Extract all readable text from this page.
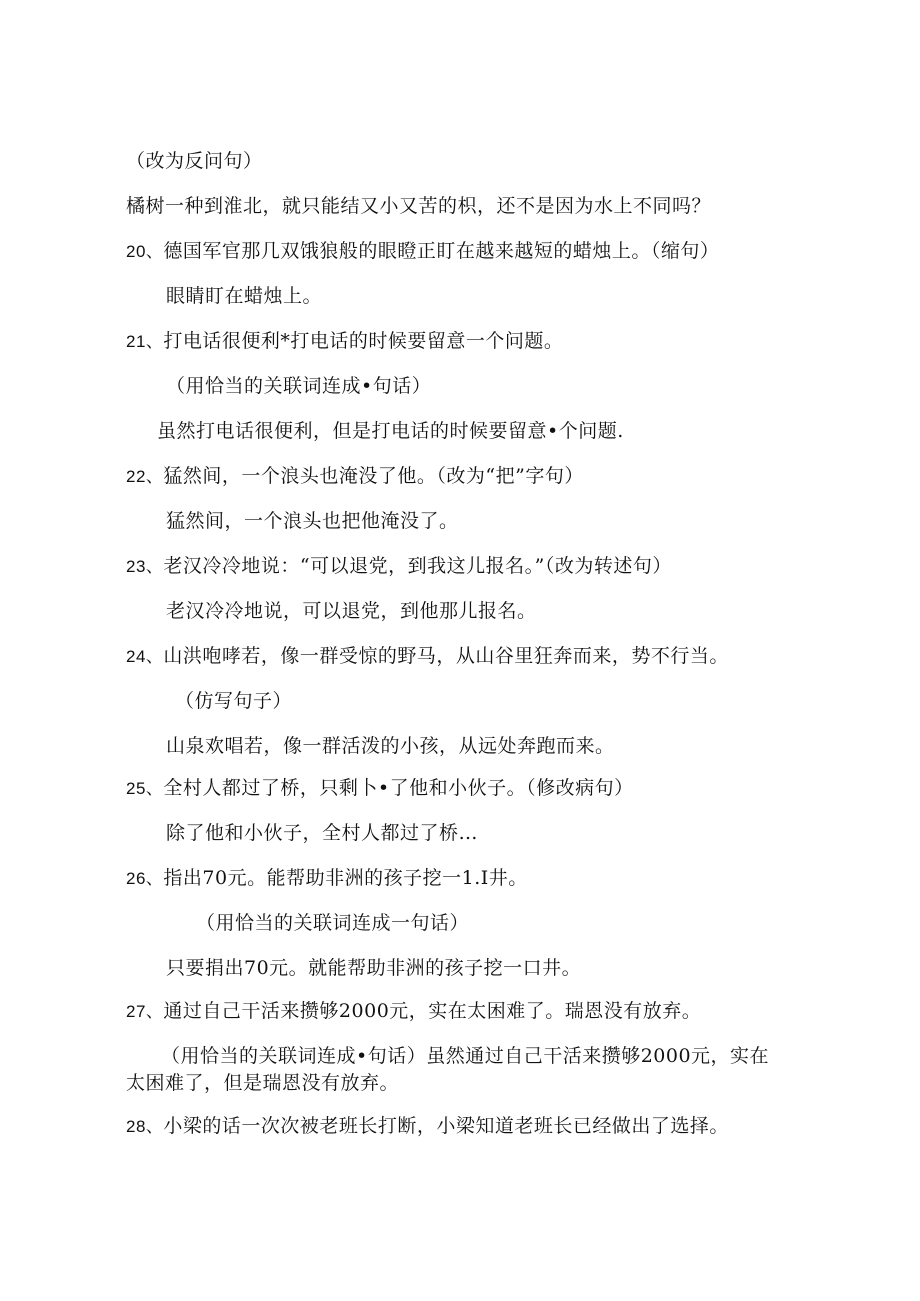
（改为反问句）
橘树一种到淮北，就只能结又小又苦的枳，还不是因为水上不同吗？
20、德国军官那几双饿狼般的眼瞪正盯在越来越短的蜡烛上。（缩句）
眼睛盯在蜡烛上。
21、打电话很便利*打电话的时候要留意一个问题。
（用恰当的关联词连成•句话）
虽然打电话很便利，但是打电话的时候要留意•个问题.
22、猛然间，一个浪头也淹没了他。（改为“把”字句）
猛然间，一个浪头也把他淹没了。
23、老汉冷冷地说：“可以退党，到我这儿报名。”（改为转述句）
老汉冷冷地说，可以退党，到他那儿报名。
24、山洪咆哮若，像一群受惊的野马，从山谷里狂奔而来，势不行当。
（仿写句子）
山泉欢唱若，像一群活泼的小孩，从远处奔跑而来。
25、全村人都过了桥，只剩卜•了他和小伙子。（修改病句）
除了他和小伙子，全村人都过了桥…
26、指出70元。能帮助非洲的孩子挖一1.I井。
（用恰当的关联词连成一句话）
只要捐出70元。就能帮助非洲的孩子挖一口井。
27、通过自己干活来攒够2000元，实在太困难了。瑞恩没有放弃。
（用恰当的关联词连成•句话）虽然通过自己干活来攒够2000元，实在
太困难了，但是瑞恩没有放弃。
28、小梁的话一次次被老班长打断，小梁知道老班长已经做出了选择。
